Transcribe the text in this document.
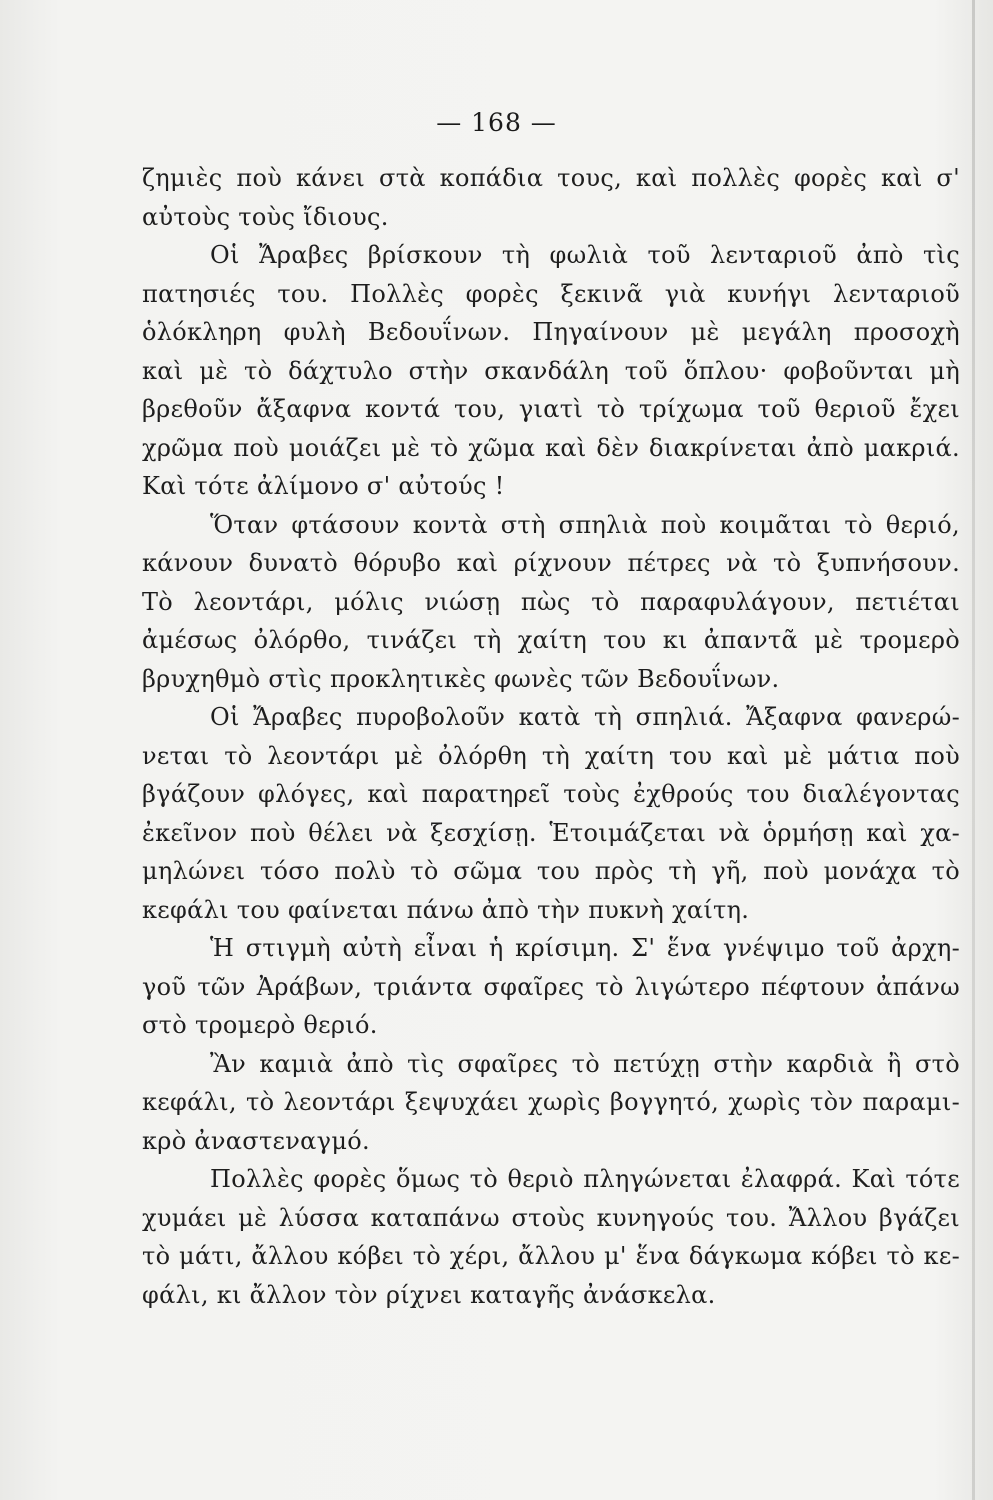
— 168 —
ζημιὲς ποὺ κάνει στὰ κοπάδια τους, καὶ πολλὲς φορὲς καὶ σ'
αὐτοὺς τοὺς ἴδιους.
Οἱ Ἄραβες βρίσκουν τὴ φωλιὰ τοῦ λενταριοῦ ἀπὸ τὶς
πατησιές του. Πολλὲς φορὲς ξεκινᾶ γιὰ κυνήγι λενταριοῦ
ὁλόκληρη φυλὴ Βεδουΐνων. Πηγαίνουν μὲ μεγάλη προσοχὴ
καὶ μὲ τὸ δάχτυλο στὴν σκανδάλη τοῦ ὅπλου· φοβοῦνται μὴ
βρεθοῦν ἄξαφνα κοντά του, γιατὶ τὸ τρίχωμα τοῦ θεριοῦ ἔχει
χρῶμα ποὺ μοιάζει μὲ τὸ χῶμα καὶ δὲν διακρίνεται ἀπὸ μακριά.
Καὶ τότε ἀλίμονο σ' αὐτούς !
Ὅταν φτάσουν κοντὰ στὴ σπηλιὰ ποὺ κοιμᾶται τὸ θεριό,
κάνουν δυνατὸ θόρυβο καὶ ρίχνουν πέτρες νὰ τὸ ξυπνήσουν.
Τὸ λεοντάρι, μόλις νιώσῃ πὼς τὸ παραφυλάγουν, πετιέται
ἀμέσως ὀλόρθο, τινάζει τὴ χαίτη του κι ἀπαντᾶ μὲ τρομερὸ
βρυχηθμὸ στὶς προκλητικὲς φωνὲς τῶν Βεδουΐνων.
Οἱ Ἄραβες πυροβολοῦν κατὰ τὴ σπηλιά. Ἄξαφνα φανερώ-
νεται τὸ λεοντάρι μὲ ὀλόρθη τὴ χαίτη του καὶ μὲ μάτια ποὺ
βγάζουν φλόγες, καὶ παρατηρεῖ τοὺς ἐχθρούς του διαλέγοντας
ἐκεῖνον ποὺ θέλει νὰ ξεσχίσῃ. Ἑτοιμάζεται νὰ ὁρμήσῃ καὶ χα-
μηλώνει τόσο πολὺ τὸ σῶμα του πρὸς τὴ γῆ, ποὺ μονάχα τὸ
κεφάλι του φαίνεται πάνω ἀπὸ τὴν πυκνὴ χαίτη.
Ἡ στιγμὴ αὐτὴ εἶναι ἡ κρίσιμη. Σ' ἕνα γνέψιμο τοῦ ἀρχη-
γοῦ τῶν Ἀράβων, τριάντα σφαῖρες τὸ λιγώτερο πέφτουν ἀπάνω
στὸ τρομερὸ θεριό.
Ἂν καμιὰ ἀπὸ τὶς σφαῖρες τὸ πετύχῃ στὴν καρδιὰ ἢ στὸ
κεφάλι, τὸ λεοντάρι ξεψυχάει χωρὶς βογγητό, χωρὶς τὸν παραμι-
κρὸ ἀναστεναγμό.
Πολλὲς φορὲς ὅμως τὸ θεριὸ πληγώνεται ἐλαφρά. Καὶ τότε
χυμάει μὲ λύσσα καταπάνω στοὺς κυνηγούς του. Ἄλλου βγάζει
τὸ μάτι, ἄλλου κόβει τὸ χέρι, ἄλλου μ' ἕνα δάγκωμα κόβει τὸ κε-
φάλι, κι ἄλλον τὸν ρίχνει καταγῆς ἀνάσκελα.
